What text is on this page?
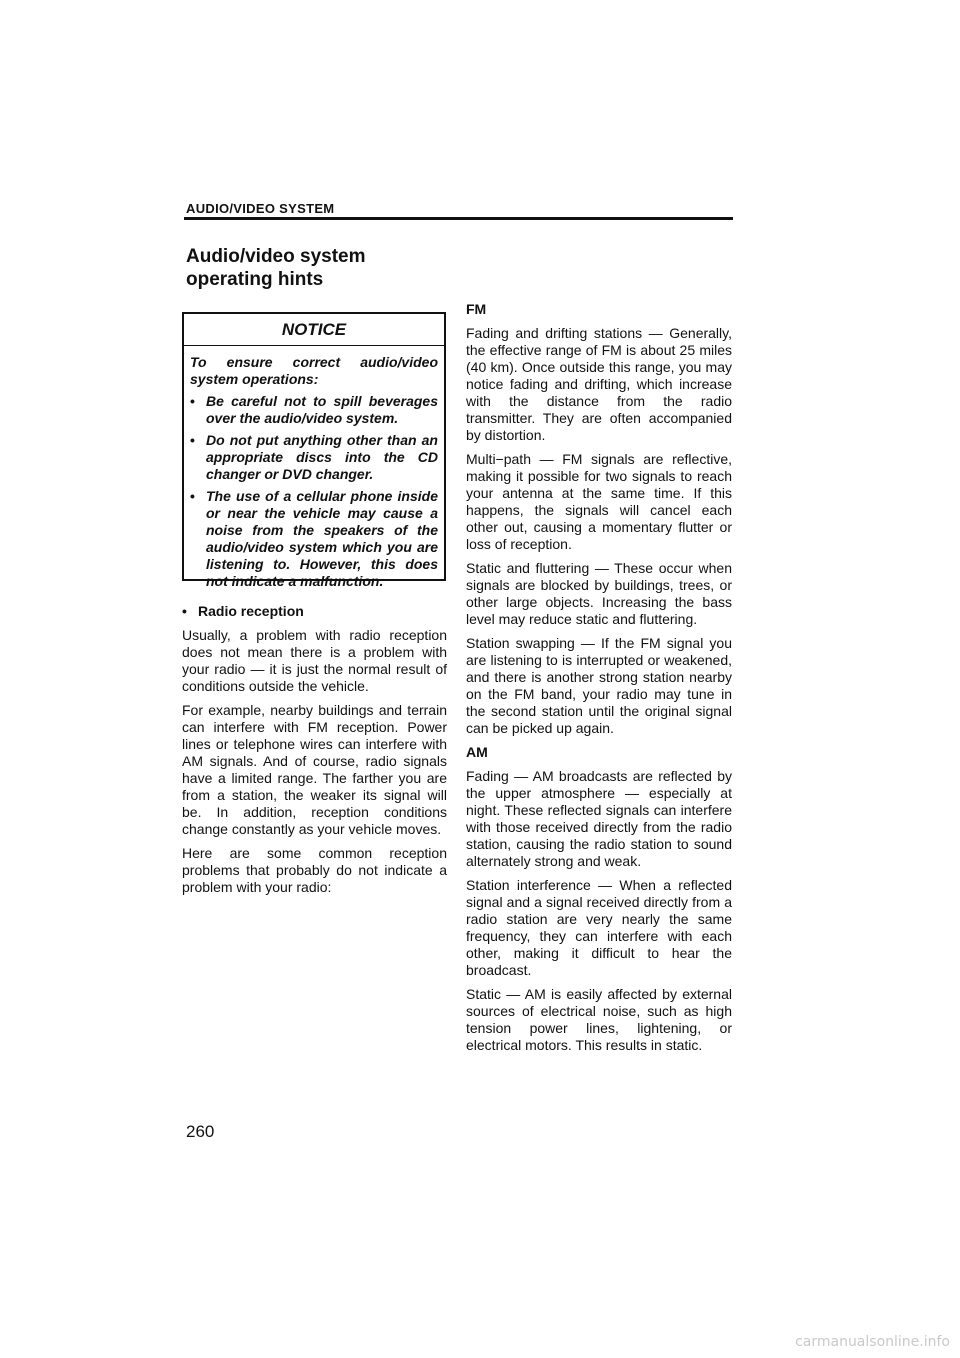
AUDIO/VIDEO SYSTEM
Audio/video system
operating hints
NOTICE

To ensure correct audio/video system operations:

• Be careful not to spill beverages over the audio/video system.
• Do not put anything other than an appropriate discs into the CD changer or DVD changer.
• The use of a cellular phone inside or near the vehicle may cause a noise from the speakers of the audio/video system which you are listening to. However, this does not indicate a malfunction.
• Radio reception

Usually, a problem with radio reception does not mean there is a problem with your radio — it is just the normal result of conditions outside the vehicle.

For example, nearby buildings and terrain can interfere with FM reception. Power lines or telephone wires can interfere with AM signals. And of course, radio signals have a limited range. The farther you are from a station, the weaker its signal will be. In addition, reception conditions change constantly as your vehicle moves.

Here are some common reception problems that probably do not indicate a problem with your radio:

FM

Fading and drifting stations — Generally, the effective range of FM is about 25 miles (40 km). Once outside this range, you may notice fading and drifting, which increase with the distance from the radio transmitter. They are often accompanied by distortion.

Multi−path — FM signals are reflective, making it possible for two signals to reach your antenna at the same time. If this happens, the signals will cancel each other out, causing a momentary flutter or loss of reception.

Static and fluttering — These occur when signals are blocked by buildings, trees, or other large objects. Increasing the bass level may reduce static and fluttering.

Station swapping — If the FM signal you are listening to is interrupted or weakened, and there is another strong station nearby on the FM band, your radio may tune in the second station until the original signal can be picked up again.

AM

Fading — AM broadcasts are reflected by the upper atmosphere — especially at night. These reflected signals can interfere with those received directly from the radio station, causing the radio station to sound alternately strong and weak.

Station interference — When a reflected signal and a signal received directly from a radio station are very nearly the same frequency, they can interfere with each other, making it difficult to hear the broadcast.

Static — AM is easily affected by external sources of electrical noise, such as high tension power lines, lightening, or electrical motors. This results in static.

260
carmanualsonline.info
